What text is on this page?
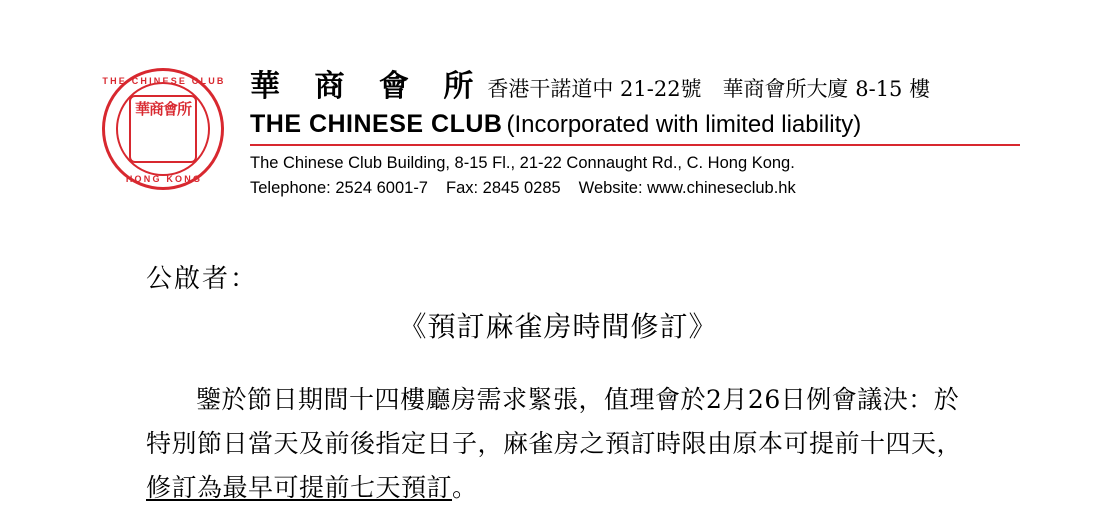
THE CHINESE CLUB
華商會所
HONG KONG
華 商 會 所 香港干諾道中 21-22號　華商會所大廈 8-15 樓
THE CHINESE CLUB (Incorporated with limited liability)
The Chinese Club Building, 8-15 Fl., 21-22 Connaught Rd., C. Hong Kong.
Telephone: 2524 6001-7 Fax: 2845 0285 Website: www.chineseclub.hk
公啟者：
《預訂麻雀房時間修訂》
鑒於節日期間十四樓廳房需求緊張，值理會於2月26日例會議決：於特別節日當天及前後指定日子，麻雀房之預訂時限由原本可提前十四天，修訂為最早可提前七天預訂。
